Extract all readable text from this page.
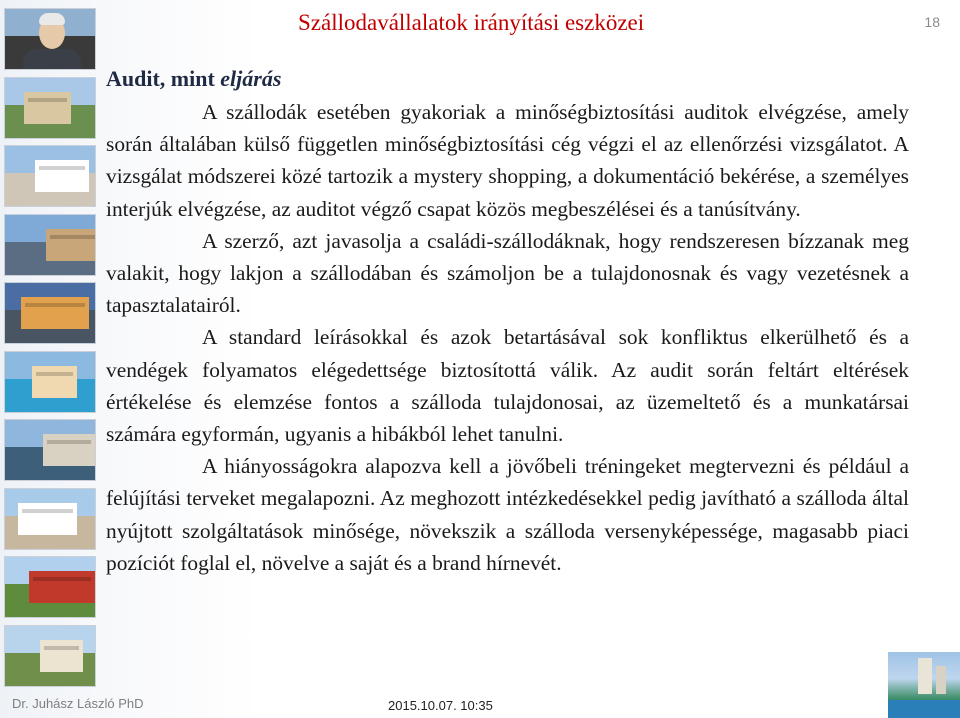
Szállodavállalatok irányítási eszközei	18
Audit, mint eljárás

A szállodák esetében gyakoriak a minőségbiztosítási auditok elvégzése, amely során általában külső független minőségbiztosítási cég végzi el az ellenőrzési vizsgálatot. A vizsgálat módszerei közé tartozik a mystery shopping, a dokumentáció bekérése, a személyes interjúk elvégzése, az auditot végző csapat közös megbeszélései és a tanúsítvány.

A szerző, azt javasolja a családi-szállodáknak, hogy rendszeresen bízzanak meg valakit, hogy lakjon a szállodában és számoljon be a tulajdonosnak és vagy vezetésnek a tapasztalatairól.

A standard leírásokkal és azok betartásával sok konfliktus elkerülhető és a vendégek folyamatos elégedettsége biztosítottá válik. Az audit során feltárt eltérések értékelése és elemzése fontos a szálloda tulajdonosai, az üzemeltető és a munkatársai számára egyformán, ugyanis a hibákból lehet tanulni.

A hiányosságokra alapozva kell a jövőbeli tréningeket megtervezni és például a felújítási terveket megalapozni. Az meghozott intézkedésekkel pedig javítható a szálloda által nyújtott szolgáltatások minősége, növekszik a szálloda versenyképessége, magasabb piaci pozíciót foglal el, növelve a saját és a brand hírnevét.

Dr. Juhász László PhD	2015.10.07. 10:35
